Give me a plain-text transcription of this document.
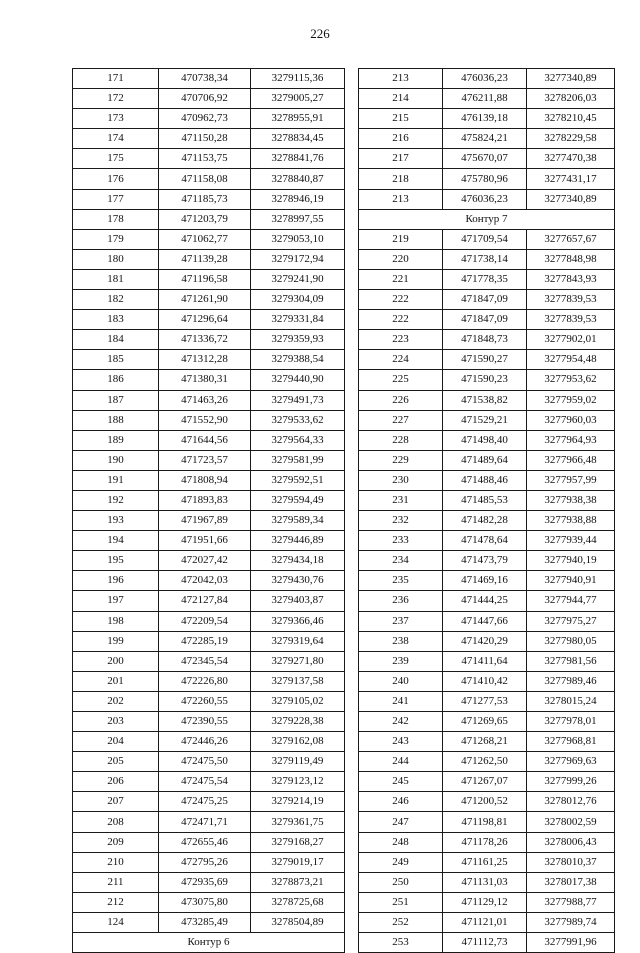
226
171	470738,34	3279115,36
172	470706,92	3279005,27
173	470962,73	3278955,91
174	471150,28	3278834,45
175	471153,75	3278841,76
176	471158,08	3278840,87
177	471185,73	3278946,19
178	471203,79	3278997,55
179	471062,77	3279053,10
180	471139,28	3279172,94
181	471196,58	3279241,90
182	471261,90	3279304,09
183	471296,64	3279331,84
184	471336,72	3279359,93
185	471312,28	3279388,54
186	471380,31	3279440,90
187	471463,26	3279491,73
188	471552,90	3279533,62
189	471644,56	3279564,33
190	471723,57	3279581,99
191	471808,94	3279592,51
192	471893,83	3279594,49
193	471967,89	3279589,34
194	471951,66	3279446,89
195	472027,42	3279434,18
196	472042,03	3279430,76
197	472127,84	3279403,87
198	472209,54	3279366,46
199	472285,19	3279319,64
200	472345,54	3279271,80
201	472226,80	3279137,58
202	472260,55	3279105,02
203	472390,55	3279228,38
204	472446,26	3279162,08
205	472475,50	3279119,49
206	472475,54	3279123,12
207	472475,25	3279214,19
208	472471,71	3279361,75
209	472655,46	3279168,27
210	472795,26	3279019,17
211	472935,69	3278873,21
212	473075,80	3278725,68
124	473285,49	3278504,89
Контур 6		
213	476036,23	3277340,89
214	476211,88	3278206,03
215	476139,18	3278210,45
216	475824,21	3278229,58
217	475670,07	3277470,38
218	475780,96	3277431,17
213	476036,23	3277340,89
Контур 7		
219	471709,54	3277657,67
220	471738,14	3277848,98
221	471778,35	3277843,93
222	471847,09	3277839,53
222	471847,09	3277839,53
223	471848,73	3277902,01
224	471590,27	3277954,48
225	471590,23	3277953,62
226	471538,82	3277959,02
227	471529,21	3277960,03
228	471498,40	3277964,93
229	471489,64	3277966,48
230	471488,46	3277957,99
231	471485,53	3277938,38
232	471482,28	3277938,88
233	471478,64	3277939,44
234	471473,79	3277940,19
235	471469,16	3277940,91
236	471444,25	3277944,77
237	471447,66	3277975,27
238	471420,29	3277980,05
239	471411,64	3277981,56
240	471410,42	3277989,46
241	471277,53	3278015,24
242	471269,65	3277978,01
243	471268,21	3277968,81
244	471262,50	3277969,63
245	471267,07	3277999,26
246	471200,52	3278012,76
247	471198,81	3278002,59
248	471178,26	3278006,43
249	471161,25	3278010,37
250	471131,03	3278017,38
251	471129,12	3277988,77
252	471121,01	3277989,74
253	471112,73	3277991,96
